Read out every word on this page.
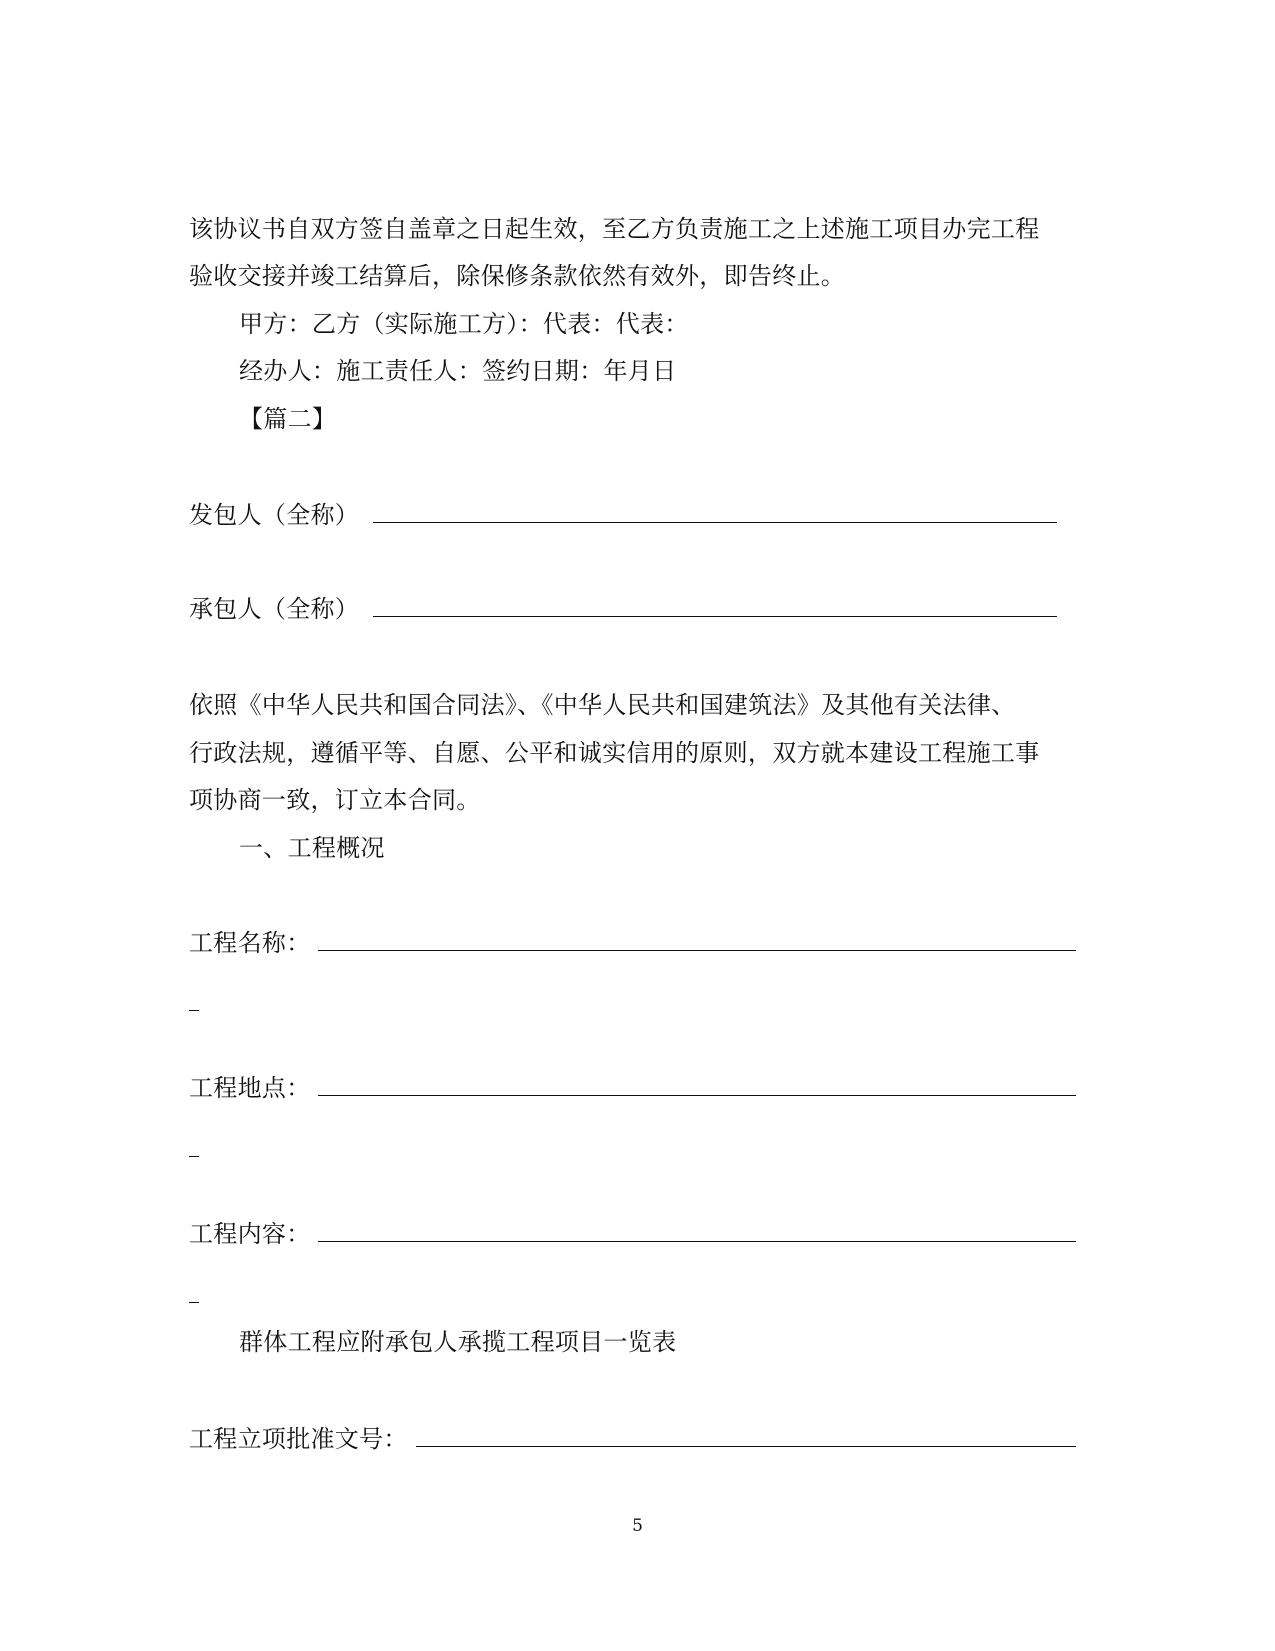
该协议书自双方签自盖章之日起生效，至乙方负责施工之上述施工项目办完工程
验收交接并竣工结算后，除保修条款依然有效外，即告终止。
甲方：乙方（实际施工方）：代表：代表：
经办人：施工责任人：签约日期：年月日
【篇二】
发包人（全称）
承包人（全称）
依照《中华人民共和国合同法》、《中华人民共和国建筑法》及其他有关法律、
行政法规，遵循平等、自愿、公平和诚实信用的原则，双方就本建设工程施工事
项协商一致，订立本合同。
一、工程概况
工程名称：
工程地点：
工程内容：
群体工程应附承包人承揽工程项目一览表
工程立项批准文号：
5
